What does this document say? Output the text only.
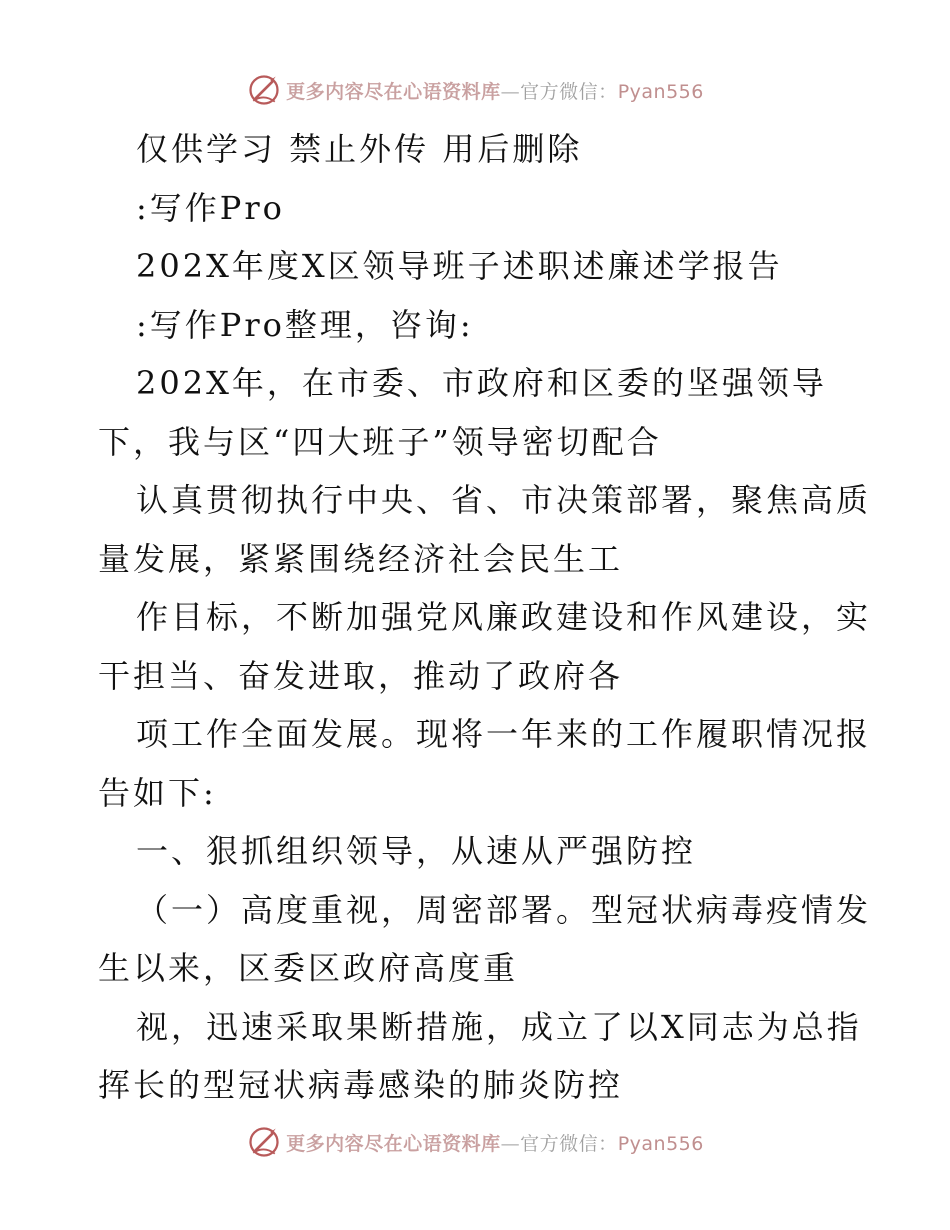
更多内容尽在心语资料库—官方微信：Pyan556
仅供学习 禁止外传 用后删除
:写作Pro
202X年度X区领导班子述职述廉述学报告
:写作Pro整理，咨询:
202X年，在市委、市政府和区委的坚强领导
下，我与区“四大班子”领导密切配合
认真贯彻执行中央、省、市决策部署，聚焦高质
量发展，紧紧围绕经济社会民生工
作目标，不断加强党风廉政建设和作风建设，实
干担当、奋发进取，推动了政府各
项工作全面发展。现将一年来的工作履职情况报
告如下:
一、狠抓组织领导，从速从严强防控
（一）高度重视，周密部署。型冠状病毒疫情发
生以来，区委区政府高度重
视，迅速采取果断措施，成立了以X同志为总指
挥长的型冠状病毒感染的肺炎防控
更多内容尽在心语资料库—官方微信：Pyan556
